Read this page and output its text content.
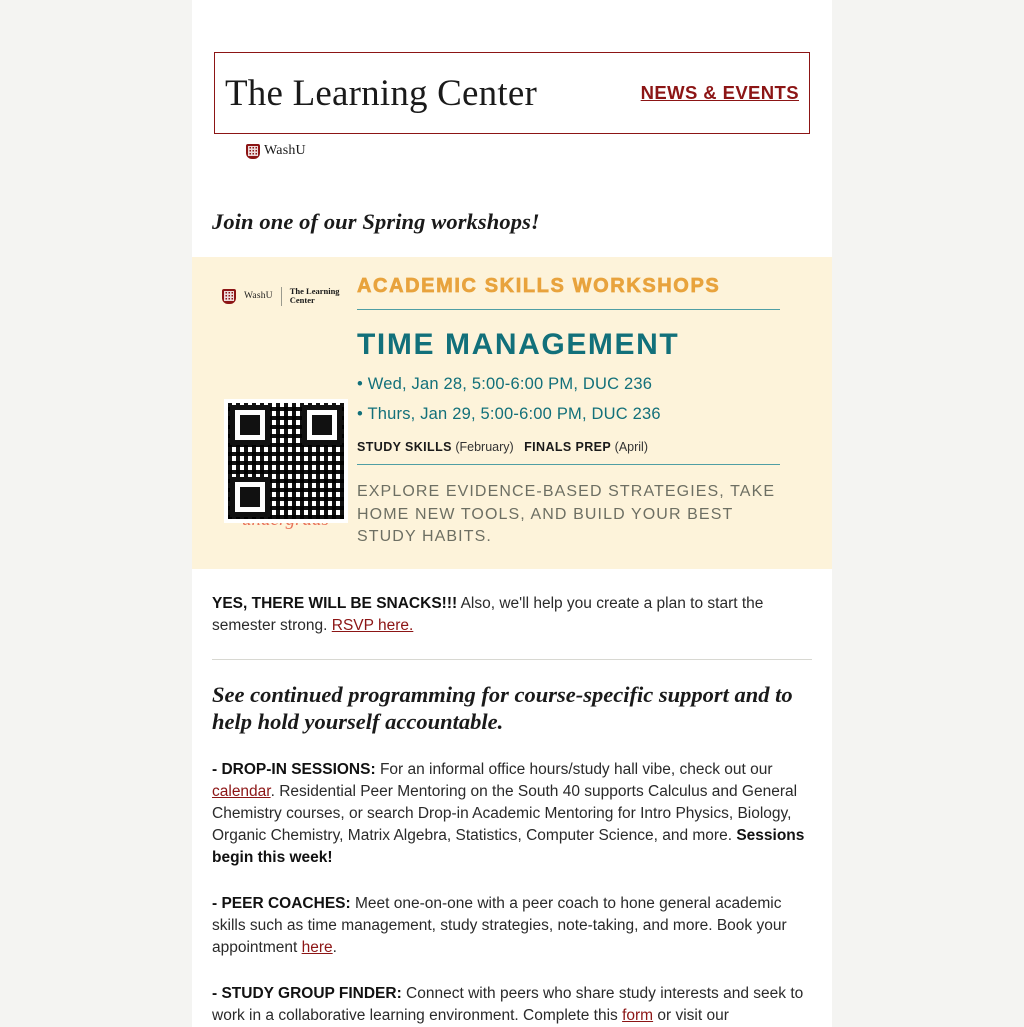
The Learning Center	NEWS & EVENTS
WashU
Join one of our Spring workshops!
WashU
The Learning Center
ACADEMIC SKILLS WORKSHOPS
TIME MANAGEMENT
• Wed, Jan 28, 5:00-6:00 PM, DUC 236
• Thurs, Jan 29, 5:00-6:00 PM, DUC 236
STUDY SKILLS (February) FINALS PREP (April)
EXPLORE EVIDENCE-BASED STRATEGIES, TAKE HOME NEW TOOLS, AND BUILD YOUR BEST STUDY HABITS.
YES, THERE WILL BE SNACKS!!! Also, we'll help you create a plan to start the semester strong. RSVP here.
See continued programming for course-specific support and to help hold yourself accountable.

- DROP-IN SESSIONS: For an informal office hours/study hall vibe, check out our calendar. Residential Peer Mentoring on the South 40 supports Calculus and General Chemistry courses, or search Drop-in Academic Mentoring for Intro Physics, Biology, Organic Chemistry, Matrix Algebra, Statistics, Computer Science, and more. Sessions begin this week!

- PEER COACHES: Meet one-on-one with a peer coach to hone general academic skills such as time management, study strategies, note-taking, and more. Book your appointment here.

- STUDY GROUP FINDER: Connect with peers who share study interests and seek to work in a collaborative learning environment. Complete this form or visit our
